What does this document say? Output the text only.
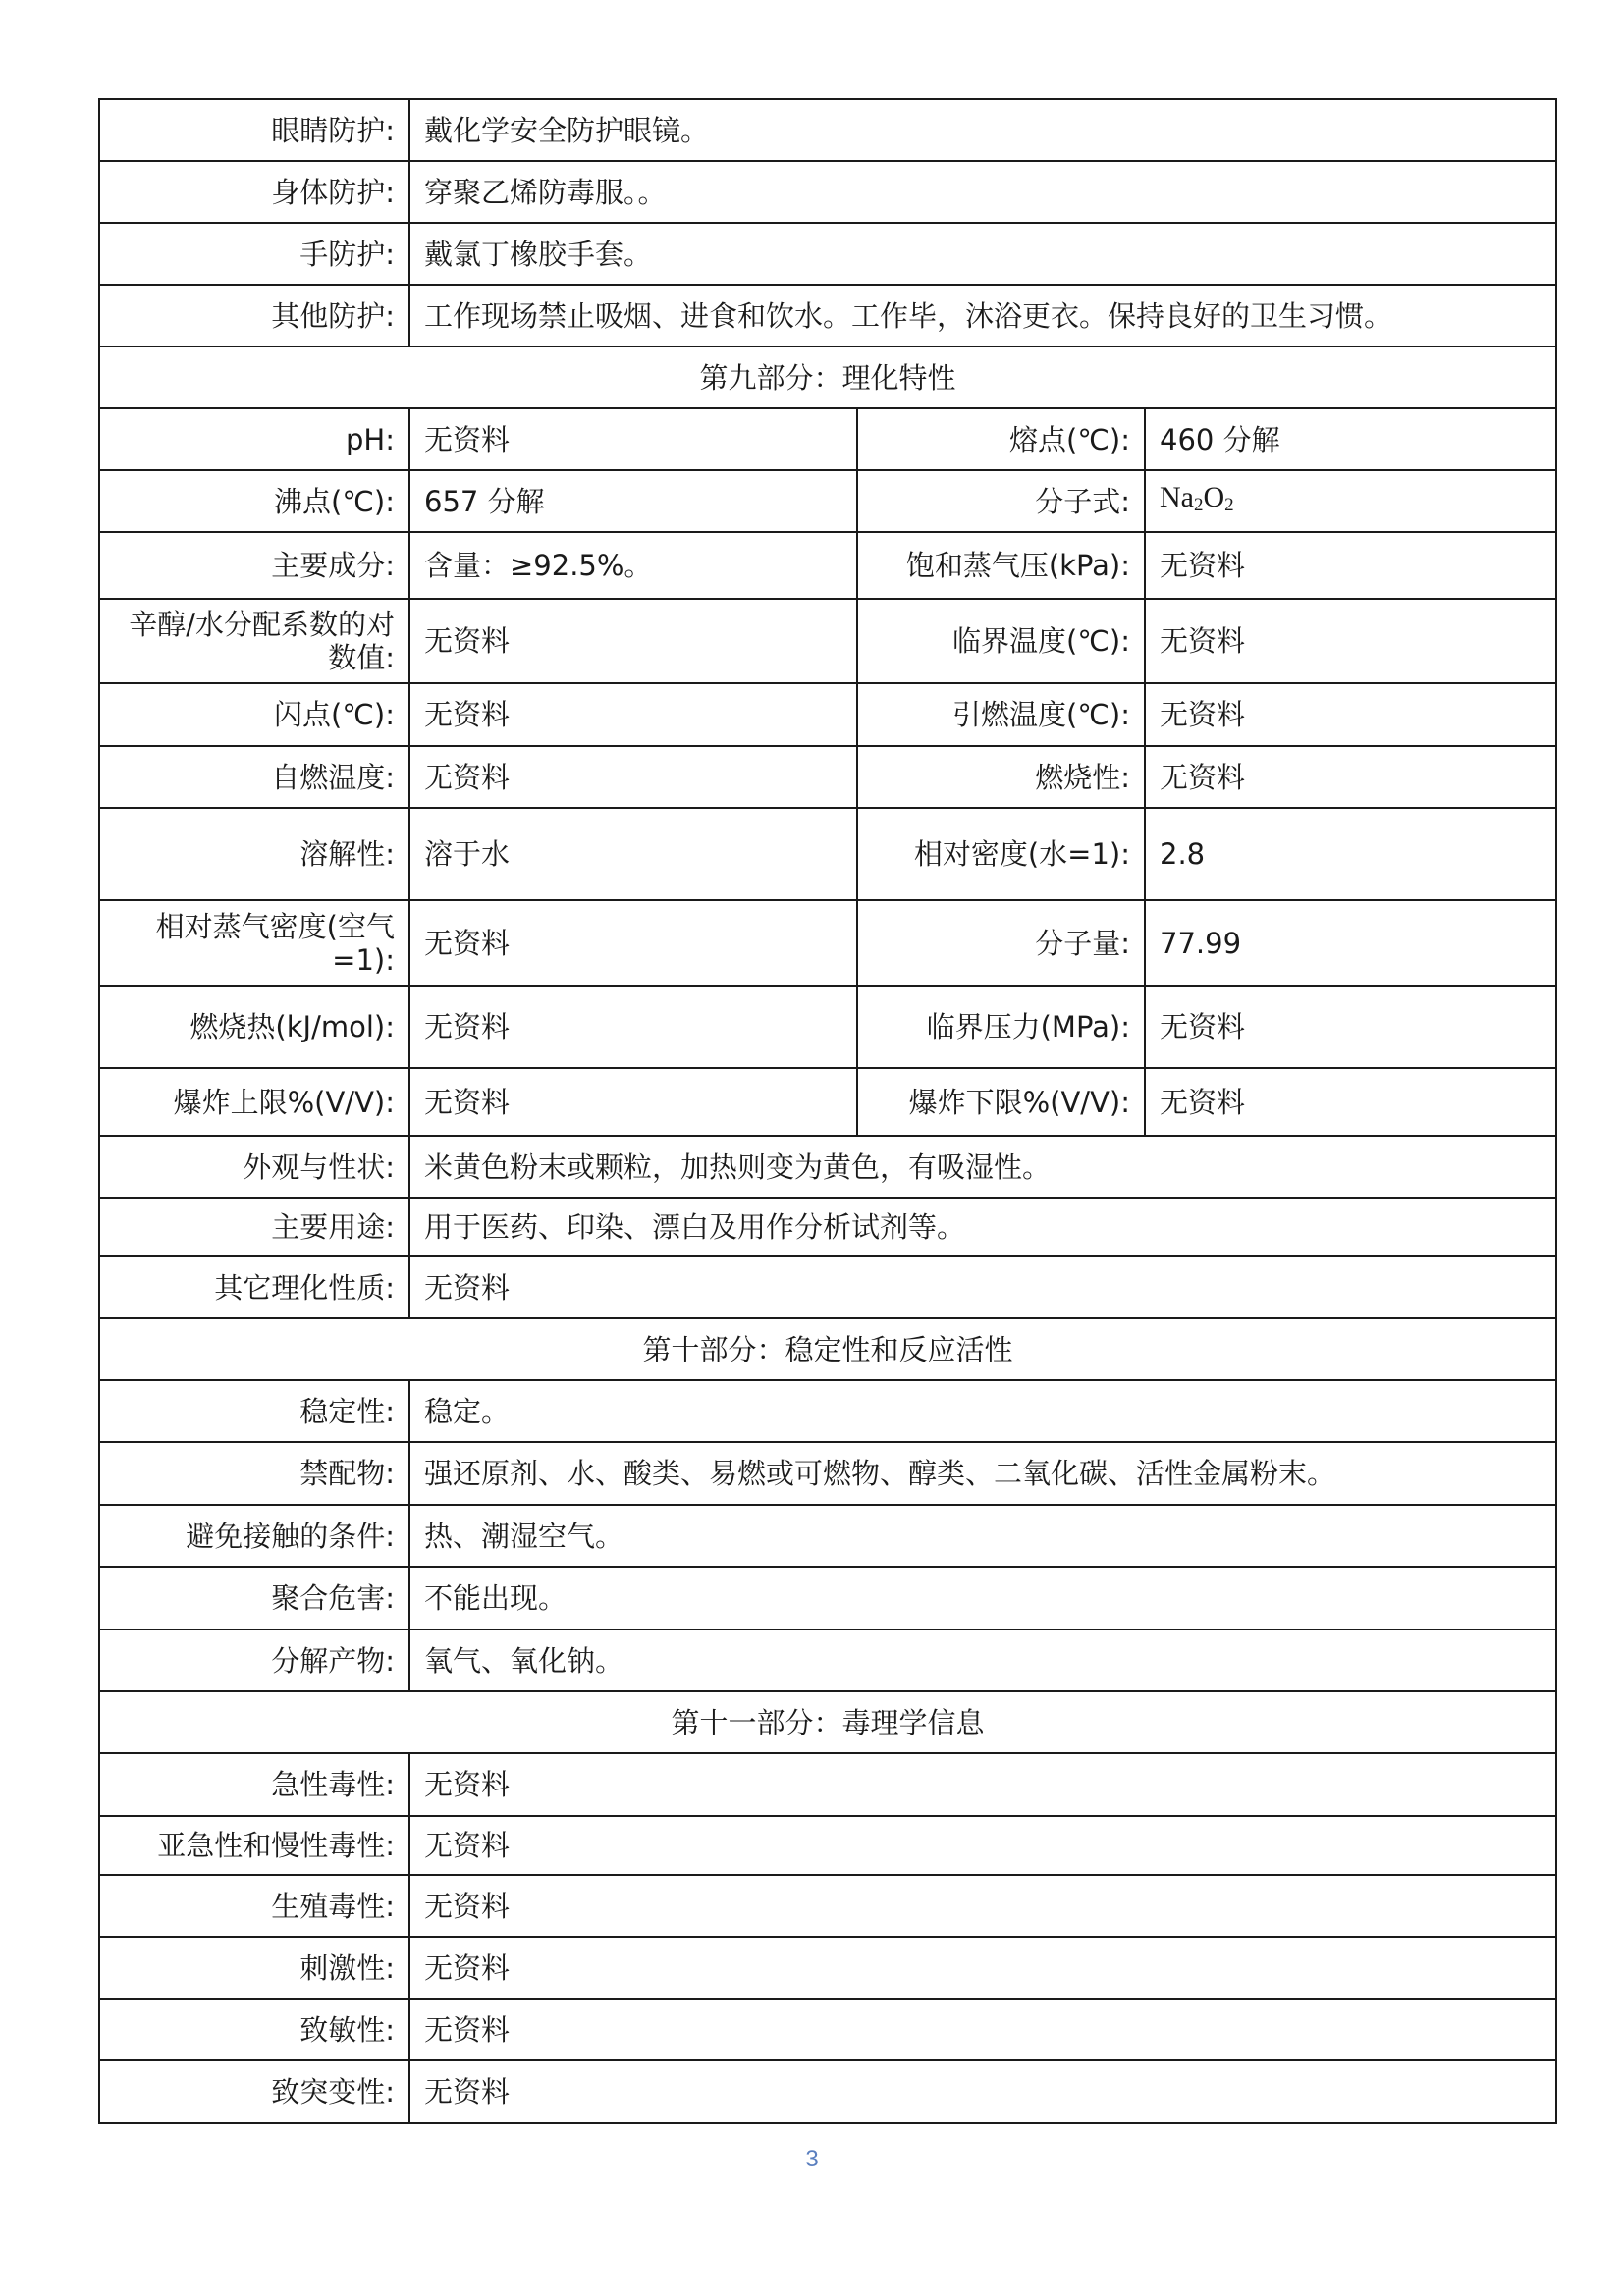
眼睛防护:	戴化学安全防护眼镜。		
身体防护:	穿聚乙烯防毒服。。		
手防护:	戴氯丁橡胶手套。		
其他防护:	工作现场禁止吸烟、进食和饮水。工作毕，沐浴更衣。保持良好的卫生习惯。		
第九部分：理化特性			
pH:	无资料	熔点(℃):	460 分解
沸点(℃):	657 分解	分子式:	$Na_2O_2$
主要成分:	含量：≥92.5%。	饱和蒸气压(kPa):	无资料
辛醇/水分配系数的对数值:	无资料	临界温度(℃):	无资料
闪点(℃):	无资料	引燃温度(℃):	无资料
自燃温度:	无资料	燃烧性:	无资料
溶解性:	溶于水	相对密度(水=1):	2.8
相对蒸气密度(空气=1):	无资料	分子量:	77.99
燃烧热(kJ/mol):	无资料	临界压力(MPa):	无资料
爆炸上限%(V/V):	无资料	爆炸下限%(V/V):	无资料
外观与性状:	米黄色粉末或颗粒，加热则变为黄色，有吸湿性。		
主要用途:	用于医药、印染、漂白及用作分析试剂等。		
其它理化性质:	无资料		
第十部分：稳定性和反应活性			
稳定性:	稳定。		
禁配物:	强还原剂、水、酸类、易燃或可燃物、醇类、二氧化碳、活性金属粉末。		
避免接触的条件:	热、潮湿空气。		
聚合危害:	不能出现。		
分解产物:	氧气、氧化钠。		
第十一部分：毒理学信息			
急性毒性:	无资料		
亚急性和慢性毒性:	无资料		
生殖毒性:	无资料		
刺激性:	无资料		
致敏性:	无资料		
致突变性:	无资料		
3
